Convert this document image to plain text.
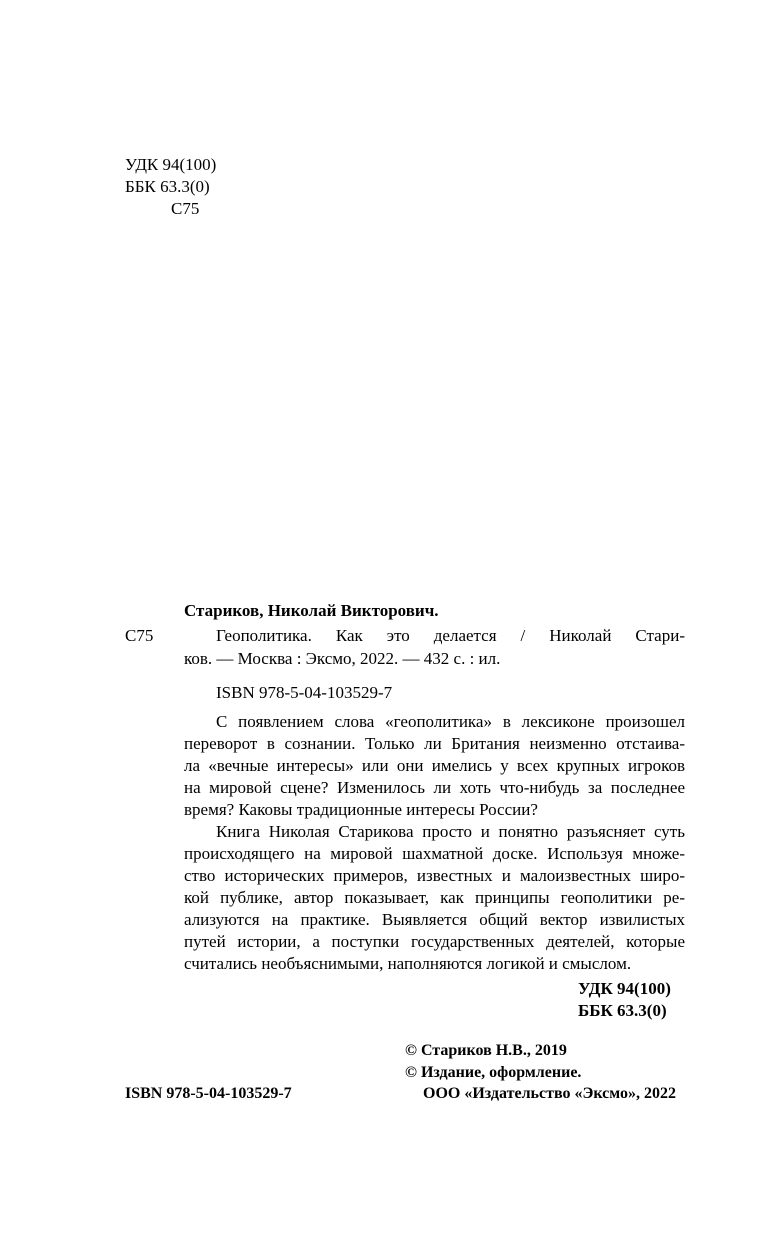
УДК 94(100)
ББК 63.3(0)
С75
Стариков, Николай Викторович.
С75	Геополитика. Как это делается / Николай Стари-
ков. — Москва : Эксмо, 2022. — 432 с. : ил.
ISBN 978-5-04-103529-7
С появлением слова «геополитика» в лексиконе произошел
переворот в сознании. Только ли Британия неизменно отстаива-
ла «вечные интересы» или они имелись у всех крупных игроков
на мировой сцене? Изменилось ли хоть что-нибудь за последнее
время? Каковы традиционные интересы России?
Книга Николая Старикова просто и понятно разъясняет суть
происходящего на мировой шахматной доске. Используя множе-
ство исторических примеров, известных и малоизвестных широ-
кой публике, автор показывает, как принципы геополитики ре-
ализуются на практике. Выявляется общий вектор извилистых
путей истории, а поступки государственных деятелей, которые
считались необъяснимыми, наполняются логикой и смыслом.
УДК 94(100)
ББК 63.3(0)
© Стариков Н.В., 2019
© Издание, оформление.
ISBN 978-5-04-103529-7	ООО «Издательство «Эксмо», 2022
